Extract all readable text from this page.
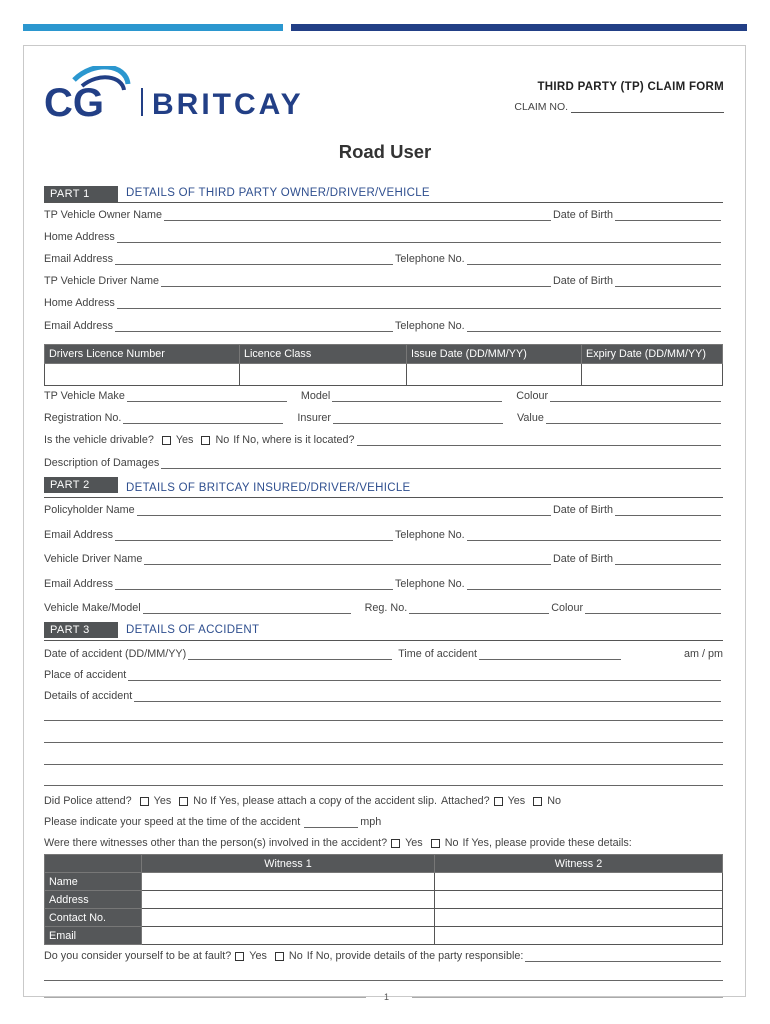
CG BRITCAY
THIRD PARTY (TP) CLAIM FORM
CLAIM NO.
Road User
PART 1	DETAILS OF THIRD PARTY OWNER/DRIVER/VEHICLE
TP Vehicle Owner Name	Date of Birth
Home Address
Email Address	Telephone No.
TP Vehicle Driver Name	Date of Birth
Home Address
Email Address	Telephone No.
Drivers Licence Number	Licence Class	Issue Date (DD/MM/YY)	Expiry Date (DD/MM/YY)

TP Vehicle Make	Model	Colour
Registration No.	Insurer	Value
Is the vehicle drivable?	Yes	No If No, where is it located?
Description of Damages
PART 2	DETAILS OF BRITCAY INSURED/DRIVER/VEHICLE
Policyholder Name	Date of Birth
Email Address	Telephone No.
Vehicle Driver Name	Date of Birth
Email Address	Telephone No.
Vehicle Make/Model	Reg. No.	Colour
PART 3	DETAILS OF ACCIDENT
Date of accident (DD/MM/YY)	Time of accident	am / pm
Place of accident
Details of accident
Did Police attend?	Yes	No If Yes, please attach a copy of the accident slip. Attached? Yes	No
Please indicate your speed at the time of the accident	mph
Were there witnesses other than the person(s) involved in the accident? Yes	No If Yes, please provide these details:
	Witness 1	Witness 2
Name		
Address		
Contact No.		
Email		
Do you consider yourself to be at fault? Yes	No If No, provide details of the party responsible:
1
